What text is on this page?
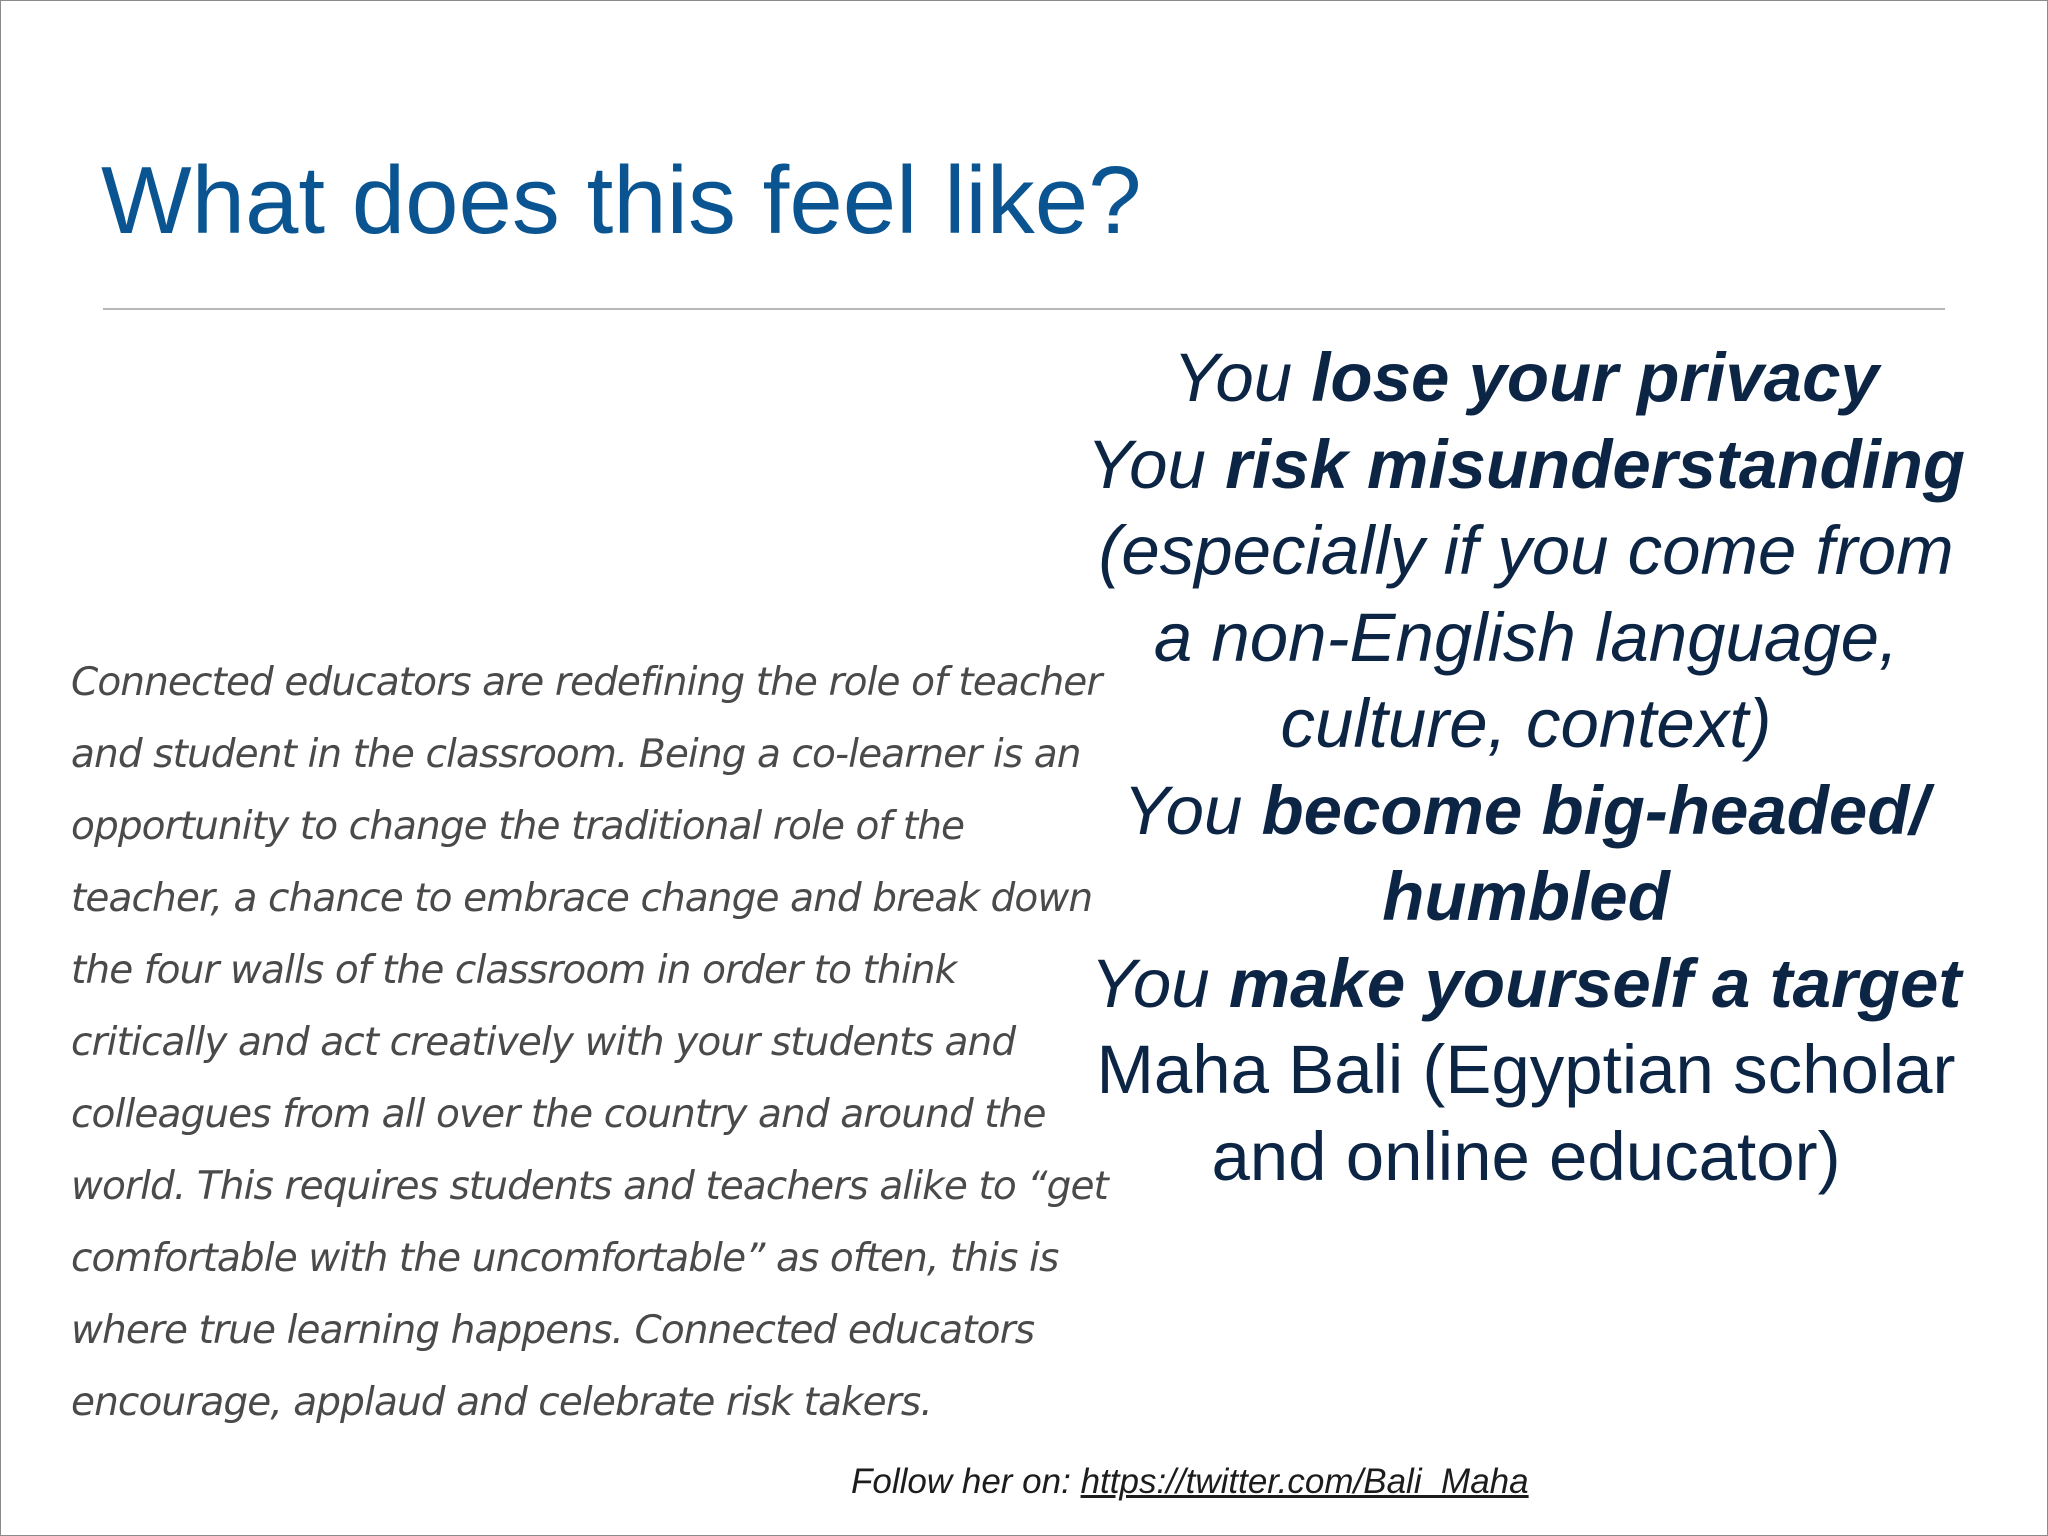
What does this feel like?
Connected educators are redefining the role of teacher
and student in the classroom. Being a co-learner is an
opportunity to change the traditional role of the
teacher, a chance to embrace change and break down
the four walls of the classroom in order to think
critically and act creatively with your students and
colleagues from all over the country and around the
world. This requires students and teachers alike to “get
comfortable with the uncomfortable” as often, this is
where true learning happens. Connected educators
encourage, applaud and celebrate risk takers.
You lose your privacy
You risk misunderstanding
(especially if you come from
a non-English language,
culture, context)
You become big-headed/
humbled
You make yourself a target
Maha Bali (Egyptian scholar
and online educator)
Follow her on: https://twitter.com/Bali_Maha
